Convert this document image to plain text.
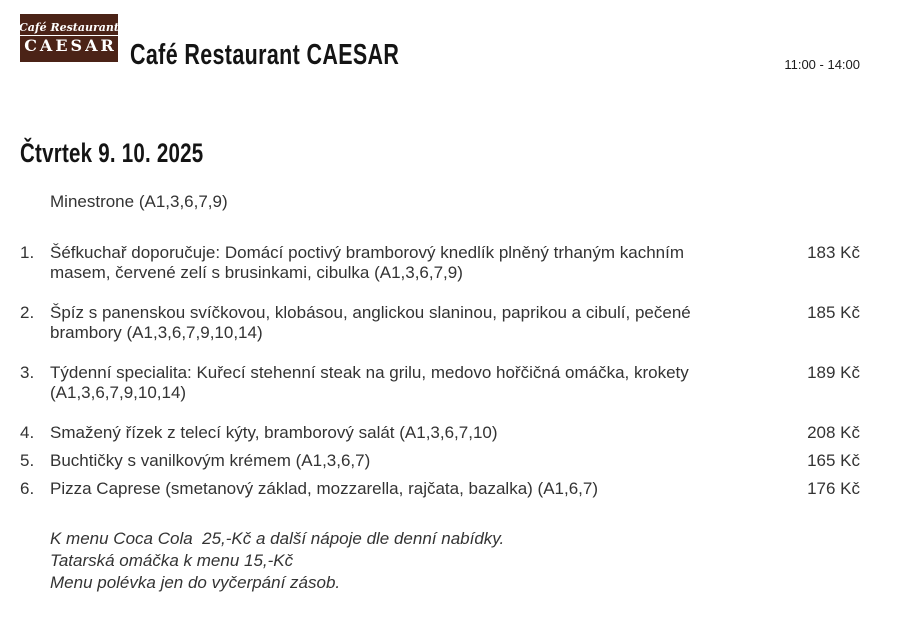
Café Restaurant
CAESAR ® Café Restaurant CAESAR	11:00 - 14:00
Čtvrtek 9. 10. 2025
Minestrone (A1,3,6,7,9)
1. Šéfkuchař doporučuje: Domácí poctivý bramborový knedlík plněný trhaným kachním
masem, červené zelí s brusinkami, cibulka (A1,3,6,7,9)
183 Kč
2. Špíz s panenskou svíčkovou, klobásou, anglickou slaninou, paprikou a cibulí, pečené
brambory (A1,3,6,7,9,10,14)
185 Kč
3. Týdenní specialita: Kuřecí stehenní steak na grilu, medovo hořčičná omáčka, krokety
(A1,3,6,7,9,10,14)
189 Kč
4. Smažený řízek z telecí kýty, bramborový salát (A1,3,6,7,10)	208 Kč
5. Buchtičky s vanilkovým krémem (A1,3,6,7)	165 Kč
6. Pizza Caprese (smetanový základ, mozzarella, rajčata, bazalka) (A1,6,7)	176 Kč
K menu Coca Cola  25,-Kč a další nápoje dle denní nabídky.
Tatarská omáčka k menu 15,-Kč
Menu polévka jen do vyčerpání zásob.
